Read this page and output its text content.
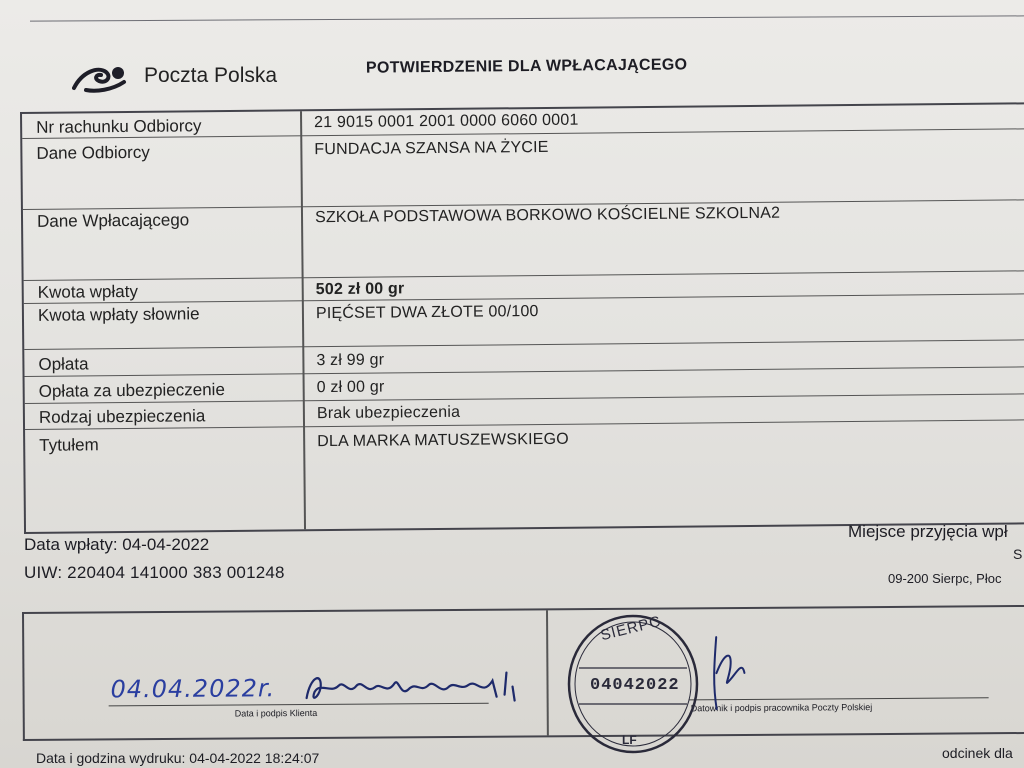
Poczta Polska	POTWIERDZENIE DLA WPŁACAJĄCEGO
Nr rachunku Odbiorcy	21 9015 0001 2001 0000 6060 0001
Dane Odbiorcy	FUNDACJA SZANSA NA ŻYCIE
Dane Wpłacającego	SZKOŁA PODSTAWOWA BORKOWO KOŚCIELNE SZKOLNA2
Kwota wpłaty	502 zł 00 gr
Kwota wpłaty słownie	PIĘĆSET DWA ZŁOTE 00/100
Opłata	3 zł 99 gr
Opłata za ubezpieczenie	0 zł 00 gr
Rodzaj ubezpieczenia	Brak ubezpieczenia
Tytułem	DLA MARKA MATUSZEWSKIEGO
Data wpłaty: 04-04-2022
UIW: 220404 141000 383 001248
Miejsce przyjęcia wpł
S
09-200 Sierpc, Płoc
04.04.2022r.
Data i podpis Klienta	Datownik i podpis pracownika Poczty Polskiej
SIERPC
04042022
LF
Data i godzina wydruku: 04-04-2022 18:24:07	odcinek dla
